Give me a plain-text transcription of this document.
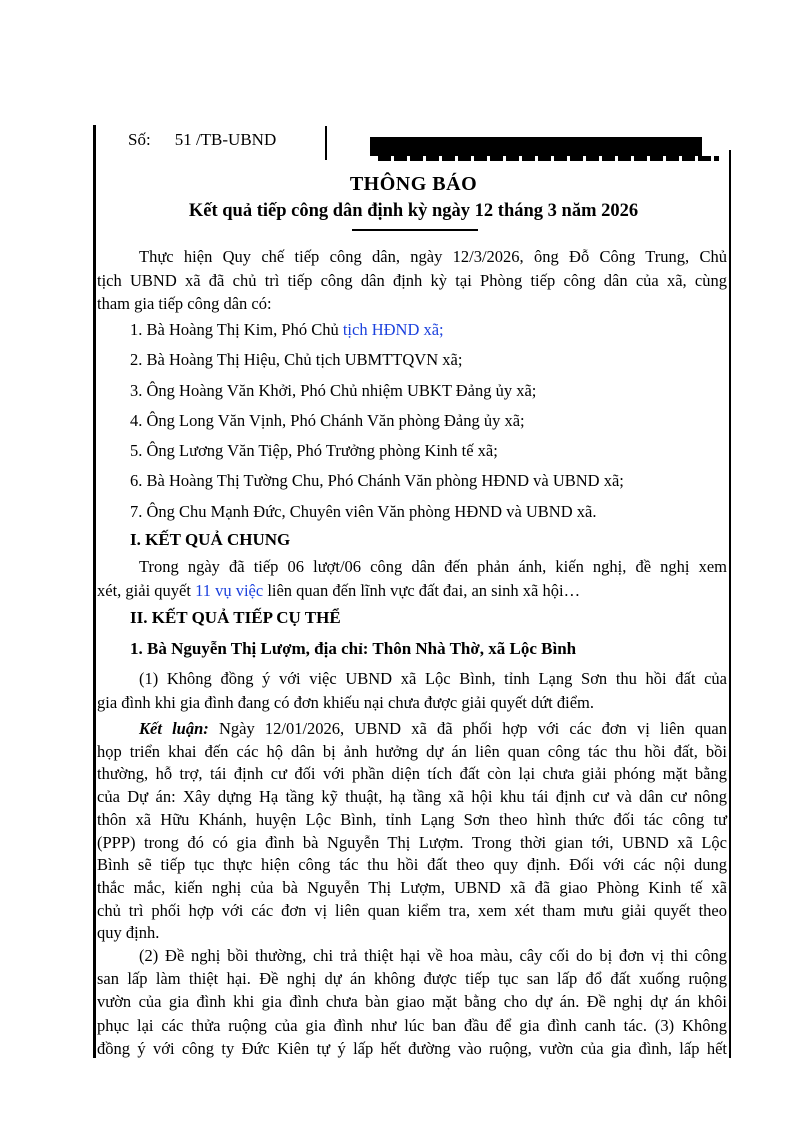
Số: 51 /TB-UBND
THÔNG BÁO
Kết quả tiếp công dân định kỳ ngày 12 tháng 3 năm 2026
Thực hiện Quy chế tiếp công dân, ngày 12/3/2026, ông Đỗ Công Trung, Chủ
tịch UBND xã đã chủ trì tiếp công dân định kỳ tại Phòng tiếp công dân của xã, cùng
tham gia tiếp công dân có:
1. Bà Hoàng Thị Kim, Phó Chủ tịch HĐND xã;
2. Bà Hoàng Thị Hiệu, Chủ tịch UBMTTQVN xã;
3. Ông Hoàng Văn Khởi, Phó Chủ nhiệm UBKT Đảng ủy xã;
4. Ông Long Văn Vịnh, Phó Chánh Văn phòng Đảng ủy xã;
5. Ông Lương Văn Tiệp, Phó Trưởng phòng Kinh tế xã;
6. Bà Hoàng Thị Tường Chu, Phó Chánh Văn phòng HĐND và UBND xã;
7. Ông Chu Mạnh Đức, Chuyên viên Văn phòng HĐND và UBND xã.
I. KẾT QUẢ CHUNG
Trong ngày đã tiếp 06 lượt/06 công dân đến phản ánh, kiến nghị, đề nghị xem
xét, giải quyết 11 vụ việc liên quan đến lĩnh vực đất đai, an sinh xã hội…
II. KẾT QUẢ TIẾP CỤ THỂ
1. Bà Nguyễn Thị Lượm, địa chỉ: Thôn Nhà Thờ, xã Lộc Bình
(1) Không đồng ý với việc UBND xã Lộc Bình, tỉnh Lạng Sơn thu hồi đất của
gia đình khi gia đình đang có đơn khiếu nại chưa được giải quyết dứt điểm.
Kết luận: Ngày 12/01/2026, UBND xã đã phối hợp với các đơn vị liên quan
họp triển khai đến các hộ dân bị ảnh hưởng dự án liên quan công tác thu hồi đất, bồi
thường, hỗ trợ, tái định cư đối với phần diện tích đất còn lại chưa giải phóng mặt bằng
của Dự án: Xây dựng Hạ tầng kỹ thuật, hạ tầng xã hội khu tái định cư và dân cư nông
thôn xã Hữu Khánh, huyện Lộc Bình, tỉnh Lạng Sơn theo hình thức đối tác công tư
(PPP) trong đó có gia đình bà Nguyễn Thị Lượm. Trong thời gian tới, UBND xã Lộc
Bình sẽ tiếp tục thực hiện công tác thu hồi đất theo quy định. Đối với các nội dung
thắc mắc, kiến nghị của bà Nguyễn Thị Lượm, UBND xã đã giao Phòng Kinh tế xã
chủ trì phối hợp với các đơn vị liên quan kiểm tra, xem xét tham mưu giải quyết theo
quy định.
(2) Đề nghị bồi thường, chi trả thiệt hại về hoa màu, cây cối do bị đơn vị thi công
san lấp làm thiệt hại. Đề nghị dự án không được tiếp tục san lấp đổ đất xuống ruộng
vườn của gia đình khi gia đình chưa bàn giao mặt bằng cho dự án. Đề nghị dự án khôi
phục lại các thửa ruộng của gia đình như lúc ban đầu để gia đình canh tác. (3) Không
đồng ý với công ty Đức Kiên tự ý lấp hết đường vào ruộng, vườn của gia đình, lấp hết
